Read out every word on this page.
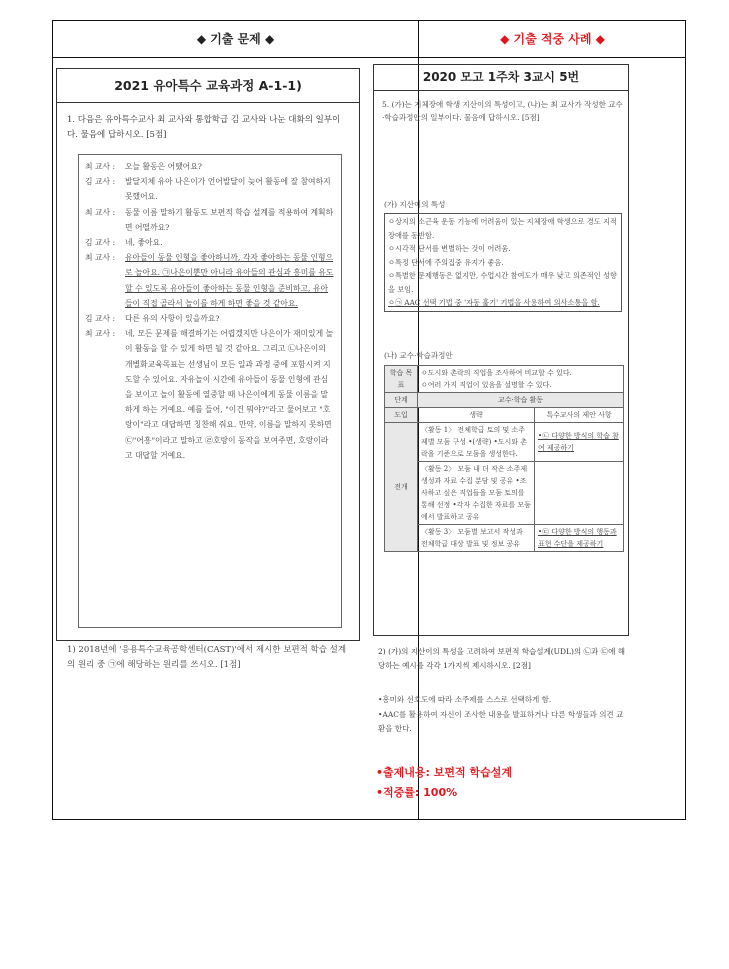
◆ 기출 문제 ◆	◆ 기출 적중 사례 ◆
2021 유아특수 교육과정 A-1-1)
1. 다음은 유아특수교사 최 교사와 통합학급 김 교사와 나눈 대화의 일부이다. 물음에 답하시오. [5점]
최 교사 :	오늘 활동은 어땠어요?
김 교사 :	발달지체 유아 나은이가 언어발달이 늦어 활동에 잘 참여하지 못했어요.
최 교사 :	동물 이름 말하기 활동도 보편적 학습 설계를 적용하여 계획하면 어떨까요?
김 교사 :	네, 좋아요.
최 교사 :	유아들이 동물 인형을 좋아하니까, 각자 좋아하는 동물 인형으로 놀아요. ㉠나은이뿐만 아니라 유아들의 관심과 흥미를 유도할 수 있도록 유아들이 좋아하는 동물 인형을 준비하고, 유아들이 직접 골라서 놀이를 하게 하면 좋을 것 같아요.
김 교사 :	다른 유의 사항이 있을까요?
최 교사 :	네, 모든 문제를 해결하기는 어렵겠지만 나은이가 재미있게 놀이 활동을 할 수 있게 하면 될 것 같아요. 그리고 ㉡나은이의 개별화교육목표는 선생님이 모든 일과 과정 중에 포함시켜 지도할 수 있어요. 자유놀이 시간에 유아들이 동물 인형에 관심을 보이고 놀이 활동에 열중할 때 나은이에게 동물 이름을 말하게 하는 거예요. 예를 들어, "이건 뭐야?"라고 물어보고 "호랑이"라고 대답하면 칭찬해 줘요. 만약, 이름을 말하지 못하면 ㉢"어흥"이라고 말하고 ㉣호랑이 동작을 보여주면, 호랑이라고 대답할 거예요.
1) 2018년에 '응용특수교육공학센터(CAST)'에서 제시한 보편적 학습 설계의 원리 중 ㉠에 해당하는 원리를 쓰시오. [1점]
2020 모고 1주차 3교시 5번
5. (가)는 지체장애 학생 지산이의 특성이고, (나)는 최 교사가 작성한 교수·학습과정안의 일부이다. 물음에 답하시오. [5점]
(가) 지산이의 특성
ㅇ상지의 소근육 운동 기능에 어려움이 있는 지체장애 학생으로 경도 지적장애를 동반함.
ㅇ시각적 단서를 변별하는 것이 어려움.
ㅇ특정 단서에 주의집중 유지가 좋음.
ㅇ특별한 문제행동은 없지만, 수업시간 참여도가 매우 낮고 의존적인 성향을 보임.
ㅇ㉠ AAC 선택 기법 중 '자동 훑기' 기법을 사용하여 의사소통을 함.
(나) 교수·학습과정안
학습 목표	ㅇ도시와 촌락의 직업을 조사하여 비교할 수 있다.
ㅇ여러 가지 직업이 있음을 설명할 수 있다.	

단계	교수·학습 활동	
도입	생략	특수교사의 제안 사항
전개	〈활동 1〉 전체학급 토의 및 소주제별 모둠 구성 •(생략) •도시와 촌락을 기준으로 모둠을 생성한다.	•㉡ 다양한 방식의 학습 참여 제공하기
	〈활동 2〉 모둠 내 더 작은 소주제 생성과 자료 수집 분담 및 공유 •조사하고 싶은 직업들을 모둠 토의를 통해 선정 •각자 수집한 자료를 모둠에서 발표하고 공유	
	〈활동 3〉 모둠별 보고서 작성과 전체학급 대상 발표 및 정보 공유	•㉢ 다양한 방식의 행동과 표현 수단을 제공하기
2) (가)의 지산이의 특성을 고려하여 보편적 학습설계(UDL)의 ㉡과 ㉢에 해당하는 예시를 각각 1가지씩 제시하시오. [2점]
•흥미와 선호도에 따라 소주제를 스스로 선택하게 함.
•AAC를 활용하여 자신이 조사한 내용을 발표하거나 다른 학생들과 의견 교환을 한다.
•출제내용: 보편적 학습설계
•적중률: 100%
